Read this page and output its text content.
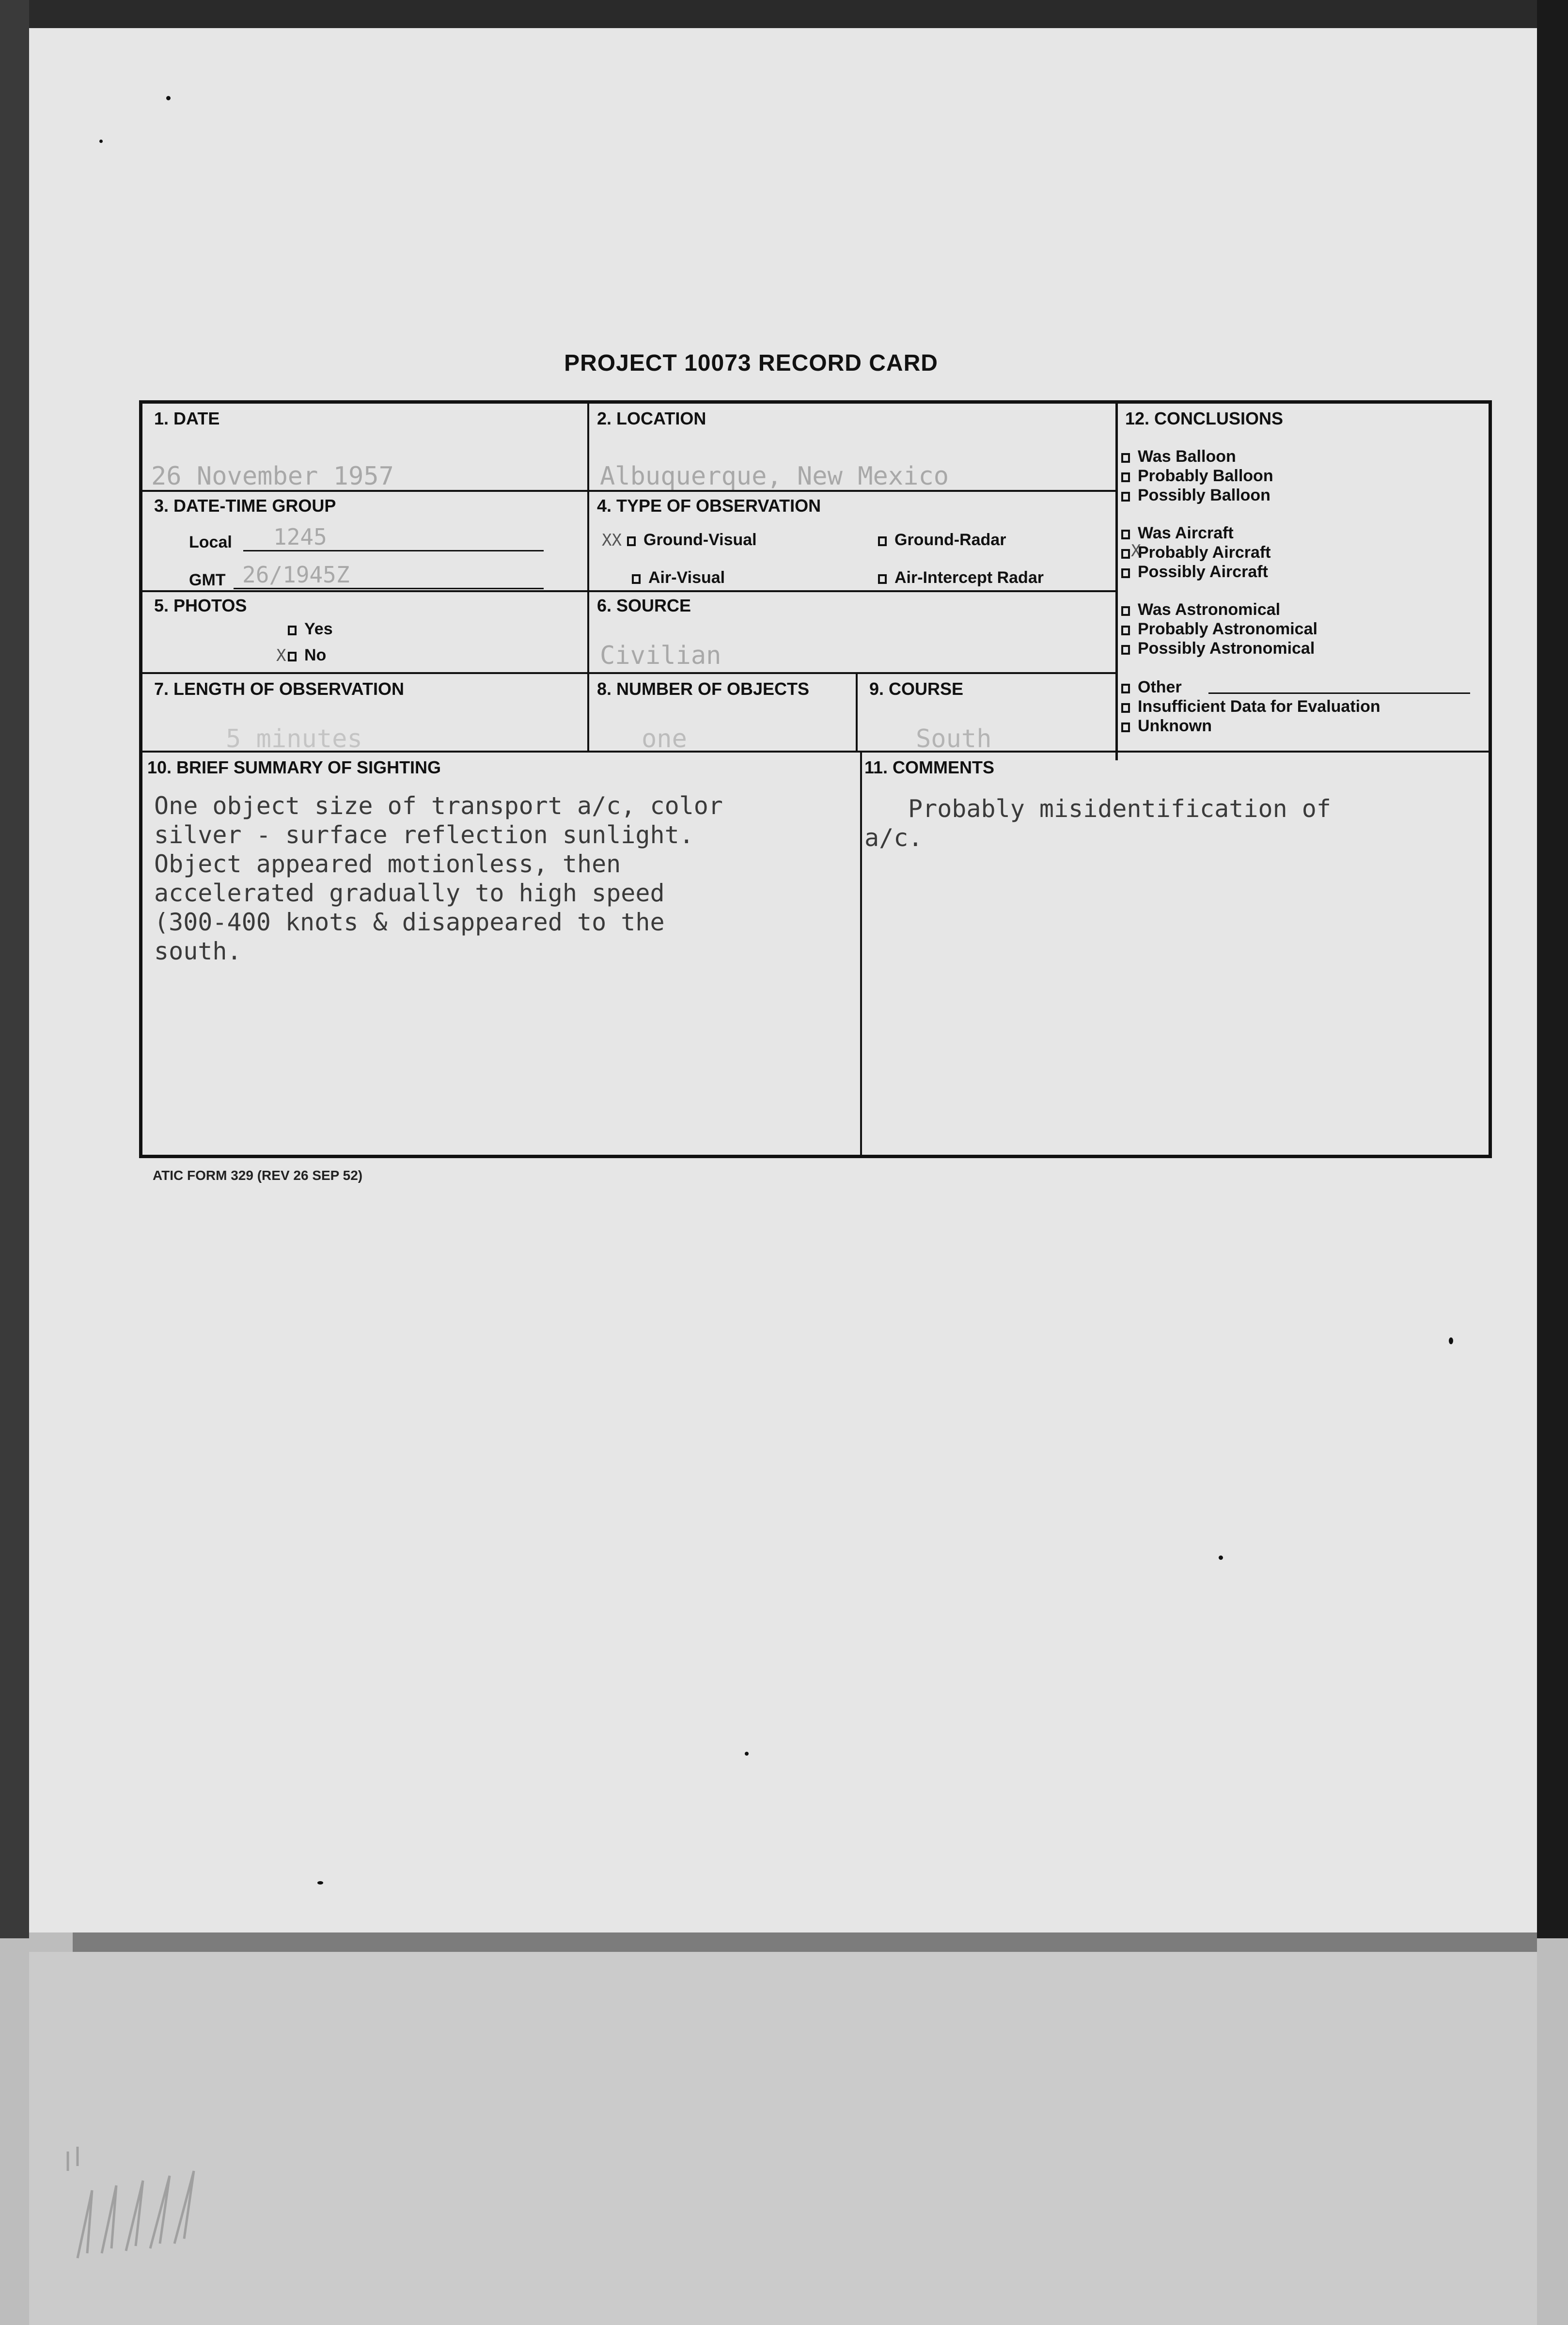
PROJECT 10073 RECORD CARD
1. DATE
26 November 1957
2. LOCATION
Albuquerque, New Mexico
3. DATE-TIME GROUP
Local 1245
GMT 26/1945Z
4. TYPE OF OBSERVATION
XX	Ground-Visual	Ground-Radar
Air-Visual	Air-Intercept Radar
5. PHOTOS
Yes
X	No
6. SOURCE
Civilian
7. LENGTH OF OBSERVATION
5 minutes
8. NUMBER OF OBJECTS
one
9. COURSE
South
10. BRIEF SUMMARY OF SIGHTING
One object size of transport a/c, color
silver - surface reflection sunlight.
Object appeared motionless, then
accelerated gradually to high speed
(300-400 knots & disappeared to the
south.
11. COMMENTS
Probably misidentification of
a/c.
12. CONCLUSIONS
Was Balloon
Probably Balloon
Possibly Balloon
Was Aircraft
X
Probably Aircraft
Possibly Aircraft
Was Astronomical
Probably Astronomical
Possibly Astronomical
Other
Insufficient Data for Evaluation
Unknown
ATIC FORM 329 (REV 26 SEP 52)
